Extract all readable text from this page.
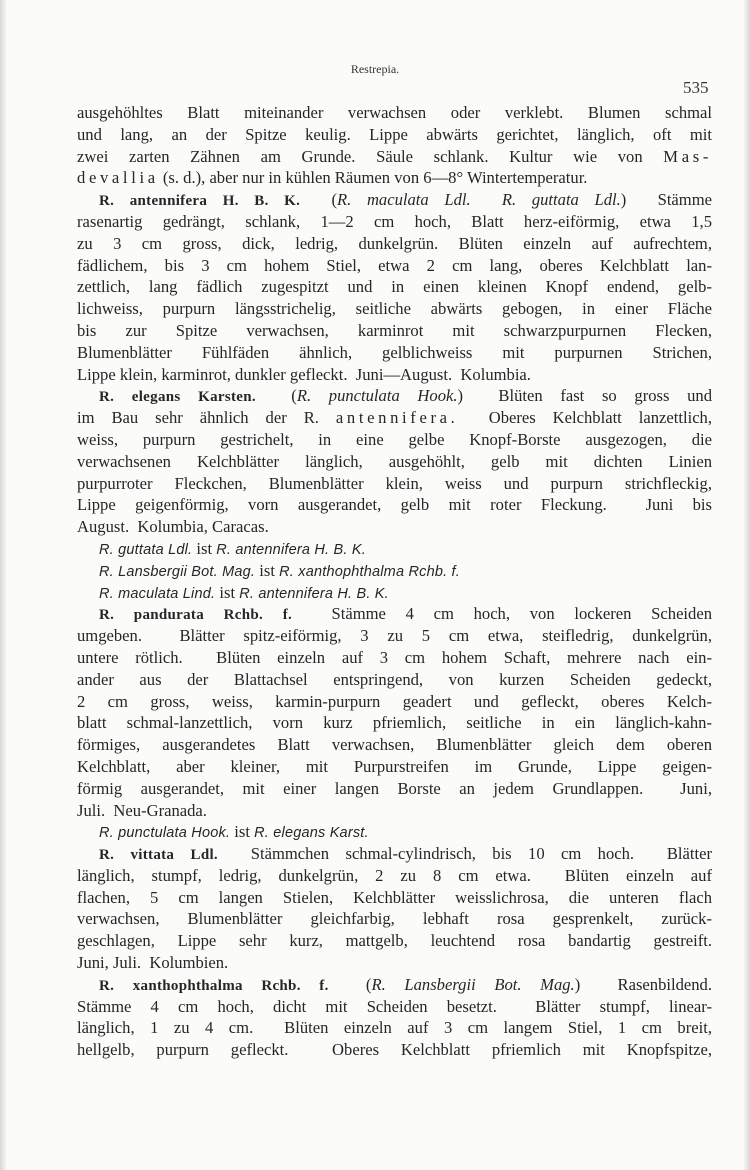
Restrepia.
535
ausgehöhltes Blatt miteinander verwachsen oder verklebt. Blumen schmal
und lang, an der Spitze keulig. Lippe abwärts gerichtet, länglich, oft mit
zwei zarten Zähnen am Grunde. Säule schlank. Kultur wie von Mas-
devallia (s. d.), aber nur in kühlen Räumen von 6—8° Wintertemperatur.
R. antennifera H. B. K.  (R. maculata Ldl.  R. guttata Ldl.)  Stämme
rasenartig gedrängt, schlank, 1—2 cm hoch, Blatt herz-eiförmig, etwa 1,5
zu 3 cm gross, dick, ledrig, dunkelgrün. Blüten einzeln auf aufrechtem,
fädlichem, bis 3 cm hohem Stiel, etwa 2 cm lang, oberes Kelchblatt lan-
zettlich, lang fädlich zugespitzt und in einen kleinen Knopf endend, gelb-
lichweiss, purpurn längsstrichelig, seitliche abwärts gebogen, in einer Fläche
bis zur Spitze verwachsen, karminrot mit schwarzpurpurnen Flecken,
Blumenblätter Fühlfäden ähnlich, gelblichweiss mit purpurnen Strichen,
Lippe klein, karminrot, dunkler gefleckt.  Juni—August.  Kolumbia.
R. elegans Karsten.  (R. punctulata Hook.)  Blüten fast so gross und
im Bau sehr ähnlich der R. antennifera.  Oberes Kelchblatt lanzettlich,
weiss, purpurn gestrichelt, in eine gelbe Knopf-Borste ausgezogen, die
verwachsenen Kelchblätter länglich, ausgehöhlt, gelb mit dichten Linien
purpurroter Fleckchen, Blumenblätter klein, weiss und purpurn strichfleckig,
Lippe geigenförmig, vorn ausgerandet, gelb mit roter Fleckung.  Juni bis
August.  Kolumbia, Caracas.
R. guttata Ldl. ist R. antennifera H. B. K.
R. Lansbergii Bot. Mag. ist R. xanthophthalma Rchb. f.
R. maculata Lind. ist R. antennifera H. B. K.
R. pandurata Rchb. f.  Stämme 4 cm hoch, von lockeren Scheiden
umgeben.  Blätter spitz-eiförmig, 3 zu 5 cm etwa, steifledrig, dunkelgrün,
untere rötlich.  Blüten einzeln auf 3 cm hohem Schaft, mehrere nach ein-
ander aus der Blattachsel entspringend, von kurzen Scheiden gedeckt,
2 cm gross, weiss, karmin-purpurn geadert und gefleckt, oberes Kelch-
blatt schmal-lanzettlich, vorn kurz pfriemlich, seitliche in ein länglich-kahn-
förmiges, ausgerandetes Blatt verwachsen, Blumenblätter gleich dem oberen
Kelchblatt, aber kleiner, mit Purpurstreifen im Grunde, Lippe geigen-
förmig ausgerandet, mit einer langen Borste an jedem Grundlappen.  Juni,
Juli.  Neu-Granada.
R. punctulata Hook. ist R. elegans Karst.
R. vittata Ldl.  Stämmchen schmal-cylindrisch, bis 10 cm hoch.  Blätter
länglich, stumpf, ledrig, dunkelgrün, 2 zu 8 cm etwa.  Blüten einzeln auf
flachen, 5 cm langen Stielen, Kelchblätter weisslichrosa, die unteren flach
verwachsen, Blumenblätter gleichfarbig, lebhaft rosa gesprenkelt, zurück-
geschlagen, Lippe sehr kurz, mattgelb, leuchtend rosa bandartig gestreift.
Juni, Juli.  Kolumbien.
R. xanthophthalma Rchb. f.  (R. Lansbergii Bot. Mag.)  Rasenbildend.
Stämme 4 cm hoch, dicht mit Scheiden besetzt.  Blätter stumpf, linear-
länglich, 1 zu 4 cm.  Blüten einzeln auf 3 cm langem Stiel, 1 cm breit,
hellgelb, purpurn gefleckt.  Oberes Kelchblatt pfriemlich mit Knopfspitze,
